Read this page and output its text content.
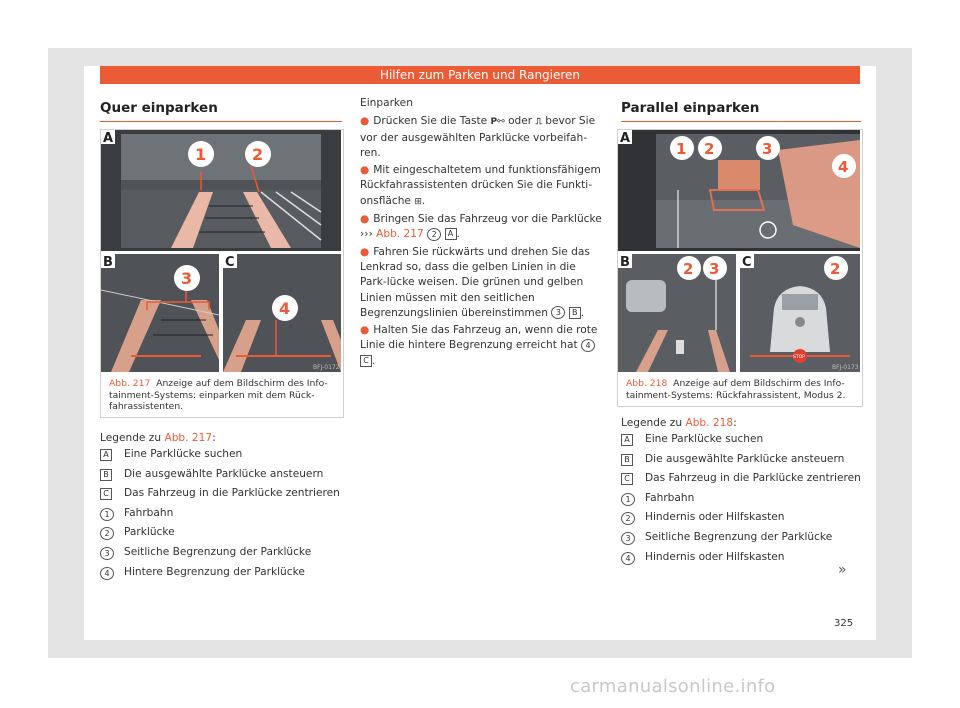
Hilfen zum Parken und Rangieren
Quer einparken
A
1	2
B
3
C
4
BFJ-0172
Abb. 217 Anzeige auf dem Bildschirm des Info-tainment-Systems: einparken mit dem Rück-fahrassistenten.
Legende zu Abb. 217:
A	Eine Parklücke suchen
B	Die ausgewählte Parklücke ansteuern
C	Das Fahrzeug in die Parklücke zentrieren
1	Fahrbahn
2	Parklücke
3	Seitliche Begrenzung der Parklücke
4	Hintere Begrenzung der Parklücke
Einparken
● Drücken Sie die Taste P⚯ oder ⎍ bevor Sie vor der ausgewählten Parklücke vorbeifah-ren.
● Mit eingeschaltetem und funktionsfähigem Rückfahrassistenten drücken Sie die Funkti-onsfläche ⊞.
● Bringen Sie das Fahrzeug vor die Parklücke ››› Abb. 217 2 A .
● Fahren Sie rückwärts und drehen Sie das Lenkrad so, dass die gelben Linien in die Park-lücke weisen. Die grünen und gelben Linien müssen mit den seitlichen Begrenzungslinien übereinstimmen 3 B .
● Halten Sie das Fahrzeug an, wenn die rote Linie die hintere Begrenzung erreicht hat 4 C .
Parallel einparken
A
1 2	3
4
B	2 3
STOP
C	2
BFJ-0173
Abb. 218 Anzeige auf dem Bildschirm des Info-tainment-Systems: Rückfahrassistent, Modus 2.
Legende zu Abb. 218:
A	Eine Parklücke suchen
B	Die ausgewählte Parklücke ansteuern
C	Das Fahrzeug in die Parklücke zentrieren
1	Fahrbahn
2	Hindernis oder Hilfskasten
3	Seitliche Begrenzung der Parklücke
4	Hindernis oder Hilfskasten
»
325
carmanualsonline.info
